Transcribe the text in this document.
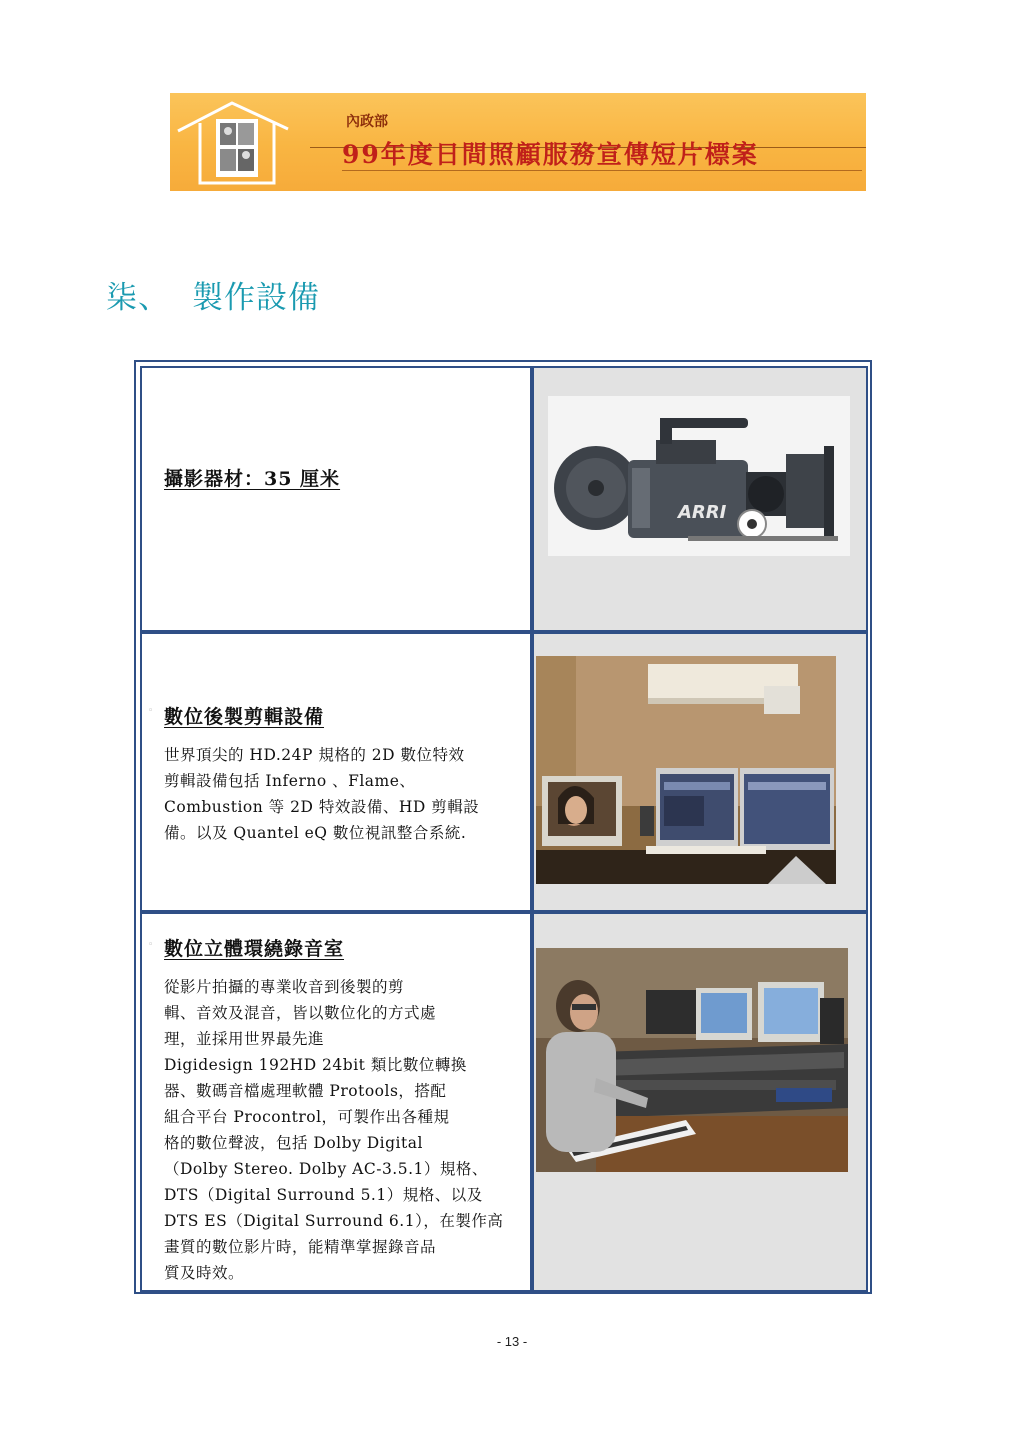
內政部
99年度日間照顧服務宣傳短片標案
柒、 製作設備
攝影器材：35 厘米
ARRI
◦ 數位後製剪輯設備
世界頂尖的 HD.24P 規格的 2D 數位特效
剪輯設備包括 Inferno 、Flame、
Combustion 等 2D 特效設備、HD 剪輯設
備。以及 Quantel eQ 數位視訊整合系統.
◦ 數位立體環繞錄音室
從影片拍攝的專業收音到後製的剪
輯、音效及混音，皆以數位化的方式處
理，並採用世界最先進
Digidesign 192HD 24bit 類比數位轉換
器、數碼音檔處理軟體 Protools，搭配
組合平台 Procontrol，可製作出各種規
格的數位聲波，包括 Dolby Digital
（Dolby Stereo. Dolby AC-3.5.1）規格、
DTS（Digital Surround 5.1）規格、以及
DTS ES（Digital Surround 6.1），在製作高
畫質的數位影片時，能精準掌握錄音品
質及時效。
- 13 -
